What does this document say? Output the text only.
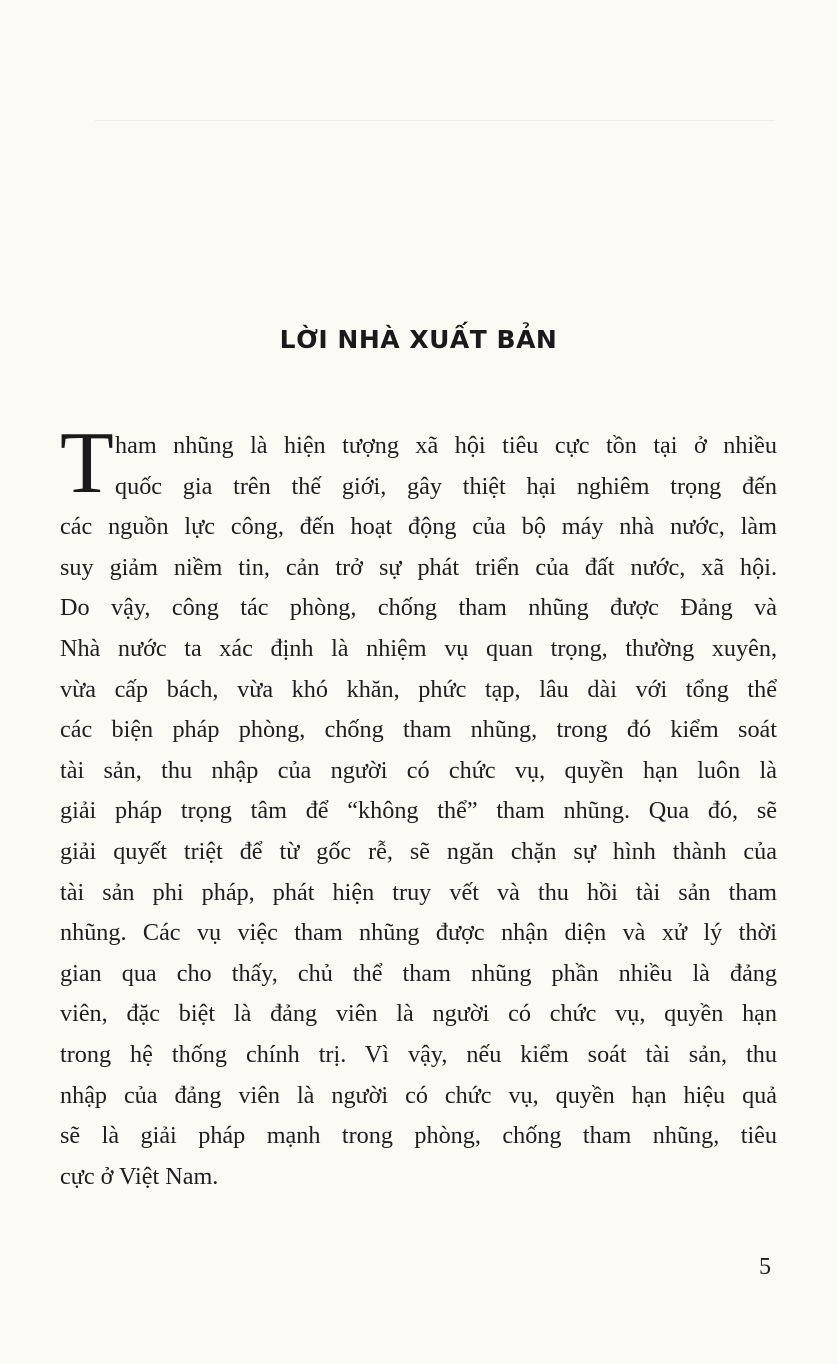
LỜI NHÀ XUẤT BẢN
T ham nhũng là hiện tượng xã hội tiêu cực tồn tại ở nhiều
quốc gia trên thế giới, gây thiệt hại nghiêm trọng đến
các nguồn lực công, đến hoạt động của bộ máy nhà nước, làm
suy giảm niềm tin, cản trở sự phát triển của đất nước, xã hội.
Do vậy, công tác phòng, chống tham nhũng được Đảng và
Nhà nước ta xác định là nhiệm vụ quan trọng, thường xuyên,
vừa cấp bách, vừa khó khăn, phức tạp, lâu dài với tổng thể
các biện pháp phòng, chống tham nhũng, trong đó kiểm soát
tài sản, thu nhập của người có chức vụ, quyền hạn luôn là
giải pháp trọng tâm để “không thể” tham nhũng. Qua đó, sẽ
giải quyết triệt để từ gốc rễ, sẽ ngăn chặn sự hình thành của
tài sản phi pháp, phát hiện truy vết và thu hồi tài sản tham
nhũng. Các vụ việc tham nhũng được nhận diện và xử lý thời
gian qua cho thấy, chủ thể tham nhũng phần nhiều là đảng
viên, đặc biệt là đảng viên là người có chức vụ, quyền hạn
trong hệ thống chính trị. Vì vậy, nếu kiểm soát tài sản, thu
nhập của đảng viên là người có chức vụ, quyền hạn hiệu quả
sẽ là giải pháp mạnh trong phòng, chống tham nhũng, tiêu
cực ở Việt Nam.
5
